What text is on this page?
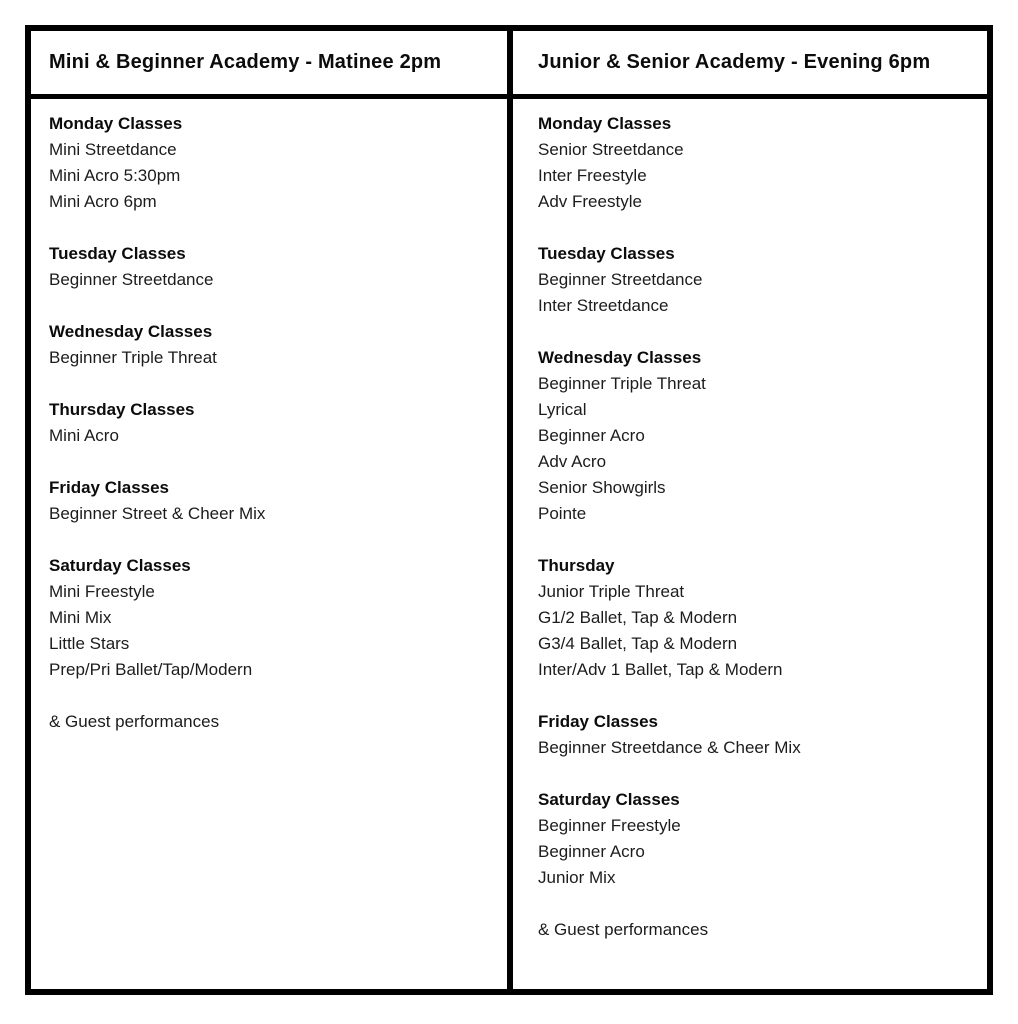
Mini & Beginner Academy - Matinee 2pm	Junior & Senior Academy - Evening 6pm
Monday Classes
Mini Streetdance
Mini Acro 5:30pm
Mini Acro 6pm
Tuesday Classes
Beginner Streetdance
Wednesday Classes
Beginner Triple Threat
Thursday Classes
Mini Acro
Friday Classes
Beginner Street & Cheer Mix
Saturday Classes
Mini Freestyle
Mini Mix
Little Stars
Prep/Pri Ballet/Tap/Modern
& Guest performances
Monday Classes
Senior Streetdance
Inter Freestyle
Adv Freestyle
Tuesday Classes
Beginner Streetdance
Inter Streetdance
Wednesday Classes
Beginner Triple Threat
Lyrical
Beginner Acro
Adv Acro
Senior Showgirls
Pointe
Thursday
Junior Triple Threat
G1/2 Ballet, Tap & Modern
G3/4 Ballet, Tap & Modern
Inter/Adv 1 Ballet, Tap & Modern
Friday Classes
Beginner Streetdance & Cheer Mix
Saturday Classes
Beginner Freestyle
Beginner Acro
Junior Mix
& Guest performances
